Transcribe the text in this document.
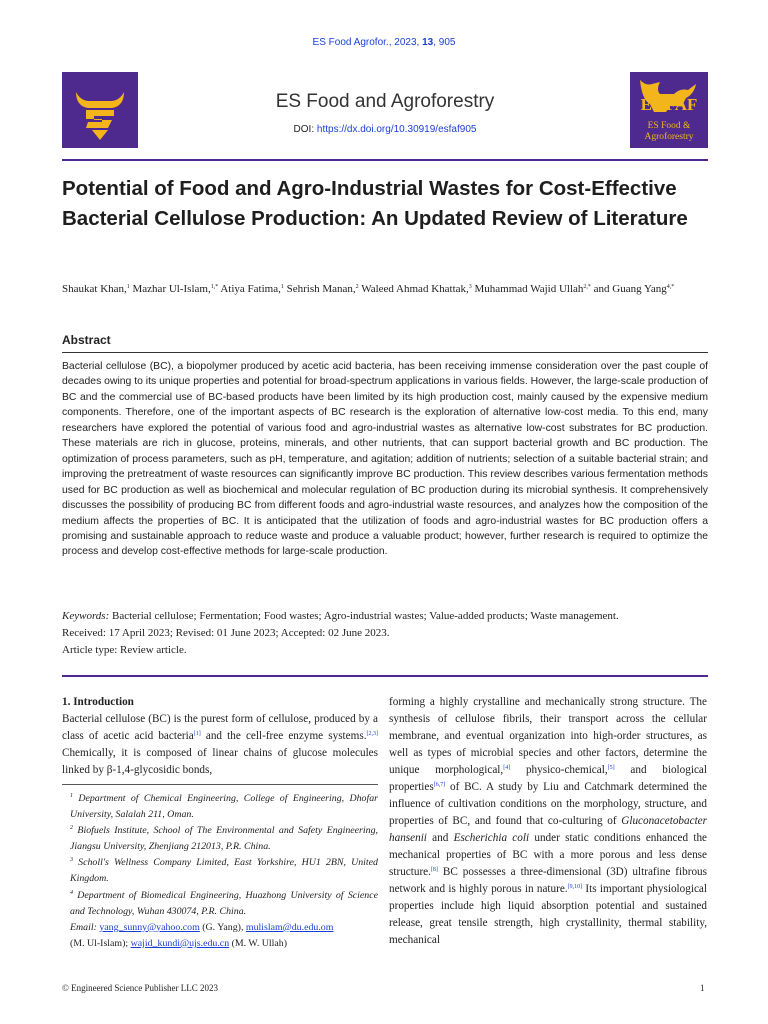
ES Food Agrofor., 2023, 13, 905
ES
ES Food and Agroforestry
DOI: https://dx.doi.org/10.30919/esfaf905
ES FAF
ES Food &
Agroforestry
ES Food & Agroforestry
Potential of Food and Agro-Industrial Wastes for Cost-Effective Bacterial Cellulose Production: An Updated Review of Literature
Shaukat Khan,$^1$ Mazhar Ul-Islam,$^{1,*}$ Atiya Fatima,$^1$ Sehrish Manan,$^2$ Waleed Ahmad Khattak,$^3$ Muhammad Wajid Ullah$^{2,*}$ and Guang Yang$^{4,*}$
Abstract
Bacterial cellulose (BC), a biopolymer produced by acetic acid bacteria, has been receiving immense consideration over the past couple of decades owing to its unique properties and potential for broad-spectrum applications in various fields. However, the large-scale production of BC and the commercial use of BC-based products have been limited by its high production cost, mainly caused by the expensive medium components. Therefore, one of the important aspects of BC research is the exploration of alternative low-cost media. To this end, many researchers have explored the potential of various food and agro-industrial wastes as alternative low-cost substrates for BC production. These materials are rich in glucose, proteins, minerals, and other nutrients, that can support bacterial growth and BC production. The optimization of process parameters, such as pH, temperature, and agitation; addition of nutrients; selection of a suitable bacterial strain; and improving the pretreatment of waste resources can significantly improve BC production. This review describes various fermentation methods used for BC production as well as biochemical and molecular regulation of BC production during its microbial synthesis. It comprehensively discusses the possibility of producing BC from different foods and agro-industrial waste resources, and analyzes how the composition of the medium affects the properties of BC. It is anticipated that the utilization of foods and agro-industrial wastes for BC production offers a promising and sustainable approach to reduce waste and produce a valuable product; however, further research is required to optimize the process and develop cost-effective methods for large-scale production.
Keywords: Bacterial cellulose; Fermentation; Food wastes; Agro-industrial wastes; Value-added products; Waste management.
Received: 17 April 2023; Revised: 01 June 2023; Accepted: 02 June 2023.
Article type: Review article.
1. Introduction
Bacterial cellulose (BC) is the purest form of cellulose, produced by a class of acetic acid bacteria[1] and the cell-free enzyme systems.[2,3] Chemically, it is composed of linear chains of glucose molecules linked by β-1,4-glycosidic bonds,
$^1$ Department of Chemical Engineering, College of Engineering, Dhofar University, Salalah 211, Oman.
$^2$ Biofuels Institute, School of The Environmental and Safety Engineering, Jiangsu University, Zhenjiang 212013, P.R. China.
$^3$ Scholl's Wellness Company Limited, East Yorkshire, HU1 2BN, United Kingdom.
$^4$ Department of Biomedical Engineering, Huazhong University of Science and Technology, Wuhan 430074, P.R. China.
Email: yang_sunny@yahoo.com (G. Yang), mulislam@du.edu.om
(M. Ul-Islam); wajid_kundi@ujs.edu.cn (M. W. Ullah)
forming a highly crystalline and mechanically strong structure. The synthesis of cellulose fibrils, their transport across the cellular membrane, and eventual organization into high-order structures, as well as types of microbial species and other factors, determine the unique morphological,[4] physico-chemical,[5] and biological properties[6,7] of BC. A study by Liu and Catchmark determined the influence of cultivation conditions on the morphology, structure, and properties of BC, and found that co-culturing of Gluconacetobacter hansenii and Escherichia coli under static conditions enhanced the mechanical properties of BC with a more porous and less dense structure.[8] BC possesses a three-dimensional (3D) ultrafine fibrous network and is highly porous in nature.[9,10] Its important physiological properties include high liquid absorption potential and sustained release, great tensile strength, high crystallinity, thermal stability, mechanical
© Engineered Science Publisher LLC 2023	1
